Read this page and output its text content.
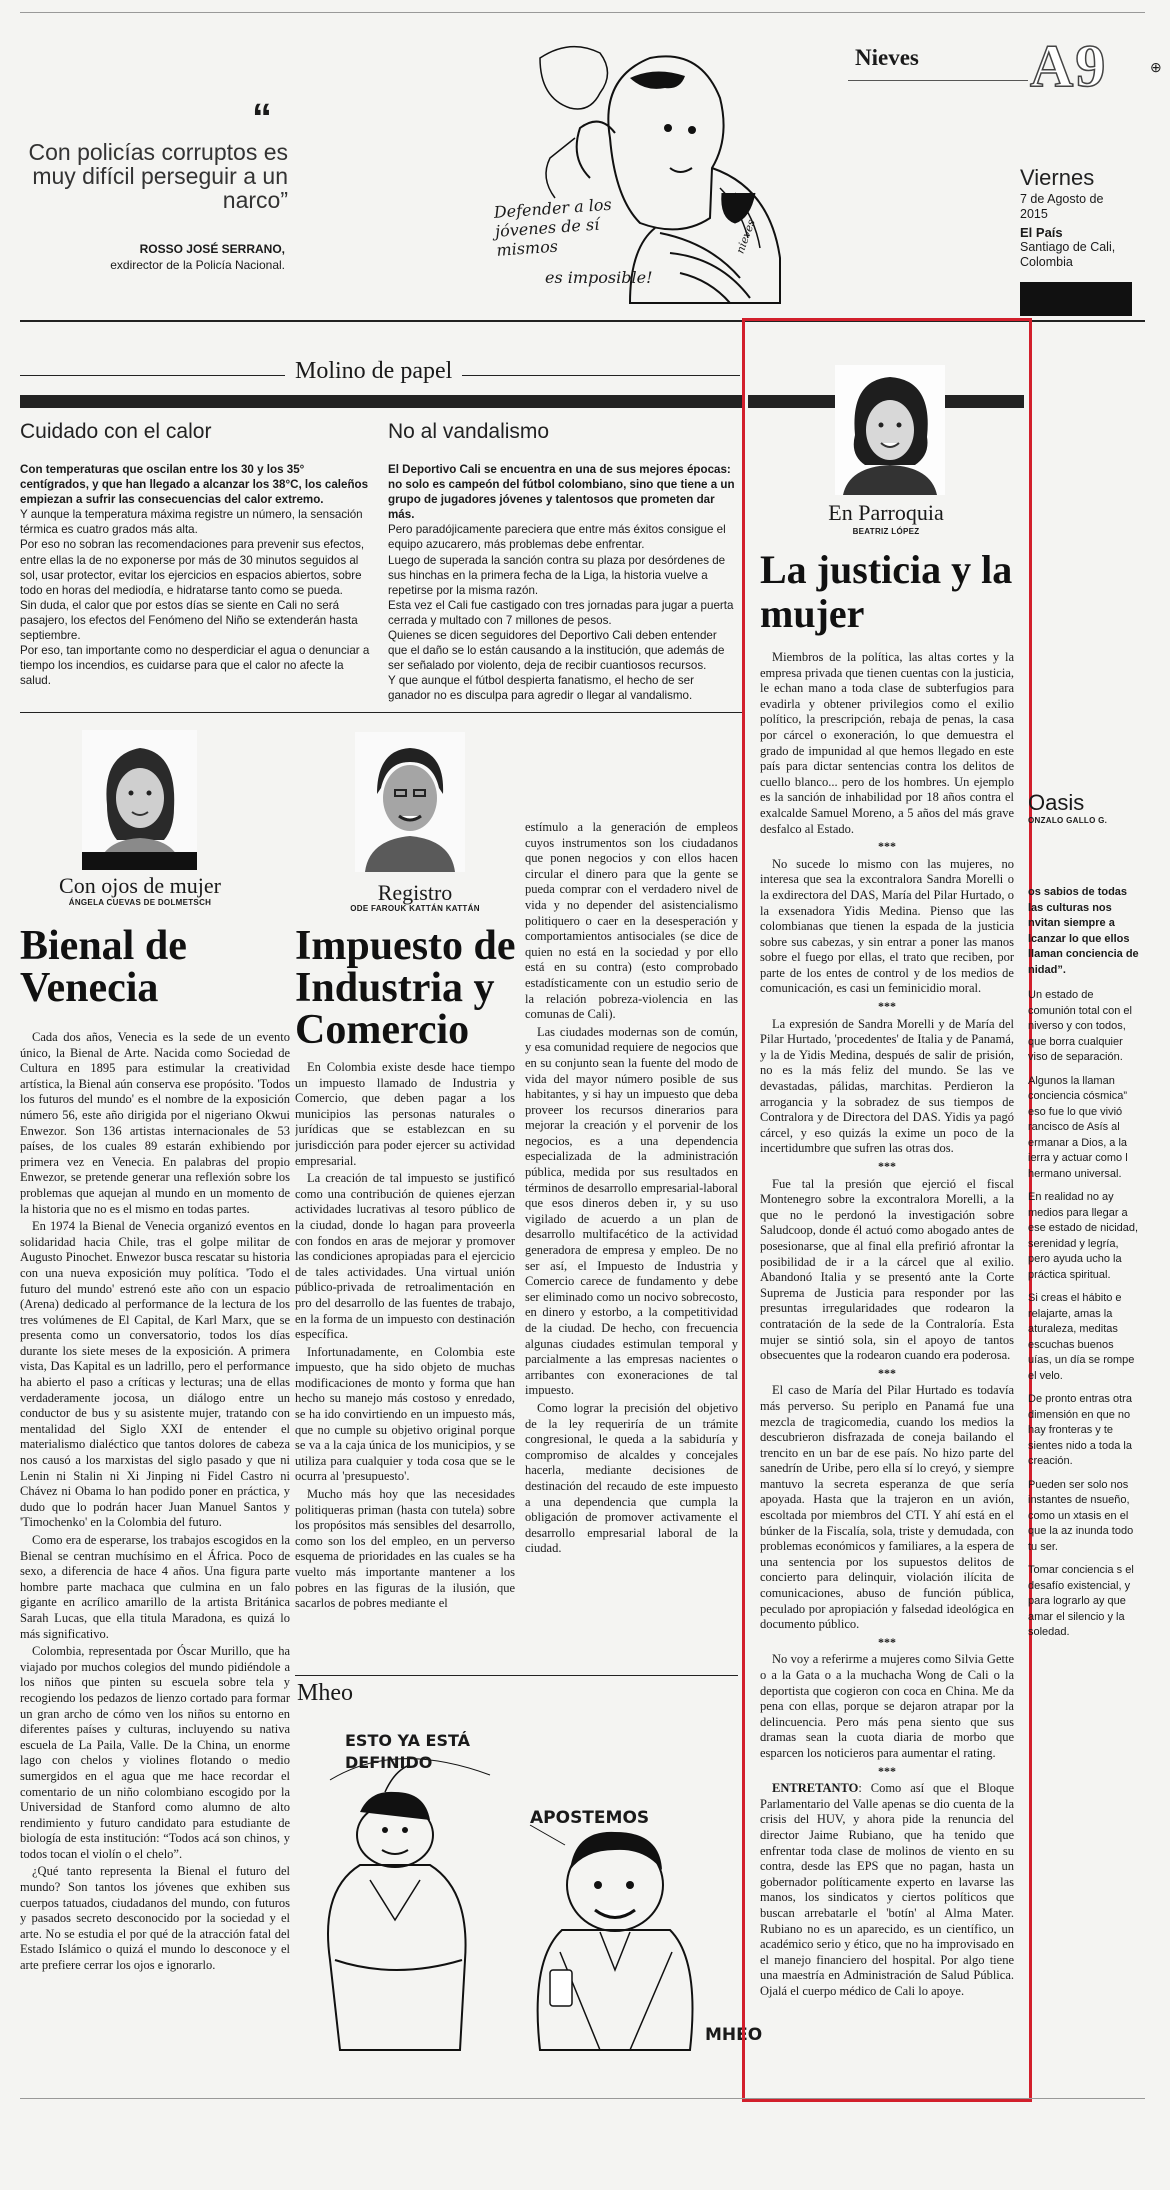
“
Con policías corruptos es muy difícil perseguir a un narco”
ROSSO JOSÉ SERRANO,
exdirector de la Policía Nacional.
Defender a los jóvenes de sí mismos
es imposible!
nieves
Nieves A9	⊕
Viernes
7 de Agosto de 2015
El País
Santiago de Cali, Colombia
Molino de papel
Cuidado con el calor

Con temperaturas que oscilan entre los 30 y los 35° centígrados, y que han llegado a alcanzar los 38°C, los caleños empiezan a sufrir las consecuencias del calor extremo.

Y aunque la temperatura máxima registre un número, la sensación térmica es cuatro grados más alta.

Por eso no sobran las recomendaciones para prevenir sus efectos, entre ellas la de no exponerse por más de 30 minutos seguidos al sol, usar protector, evitar los ejercicios en espacios abiertos, sobre todo en horas del mediodía, e hidratarse tanto como se pueda.

Sin duda, el calor que por estos días se siente en Cali no será pasajero, los efectos del Fenómeno del Niño se extenderán hasta septiembre.

Por eso, tan importante como no desperdiciar el agua o denunciar a tiempo los incendios, es cuidarse para que el calor no afecte la salud.

No al vandalismo

El Deportivo Cali se encuentra en una de sus mejores épocas: no solo es campeón del fútbol colombiano, sino que tiene a un grupo de jugadores jóvenes y talentosos que prometen dar más.

Pero paradójicamente pareciera que entre más éxitos consigue el equipo azucarero, más problemas debe enfrentar.

Luego de superada la sanción contra su plaza por desórdenes de sus hinchas en la primera fecha de la Liga, la historia vuelve a repetirse por la misma razón.

Esta vez el Cali fue castigado con tres jornadas para jugar a puerta cerrada y multado con 7 millones de pesos.

Quienes se dicen seguidores del Deportivo Cali deben entender que el daño se lo están causando a la institución, que además de ser señalado por violento, deja de recibir cuantiosos recursos.

Y que aunque el fútbol despierta fanatismo, el hecho de ser ganador no es disculpa para agredir o llegar al vandalismo.

Con ojos de mujer
ÁNGELA CUEVAS DE DOLMETSCH
Bienal de Venecia

Cada dos años, Venecia es la sede de un evento único, la Bienal de Arte. Nacida como Sociedad de Cultura en 1895 para estimular la creatividad artística, la Bienal aún conserva ese propósito. 'Todos los futuros del mundo' es el nombre de la exposición número 56, este año dirigida por el nigeriano Okwui Enwezor. Son 136 artistas internacionales de 53 países, de los cuales 89 estarán exhibiendo por primera vez en Venecia. En palabras del propio Enwezor, se pretende generar una reflexión sobre los problemas que aquejan al mundo en un momento de la historia que no es el mismo en todas partes.

En 1974 la Bienal de Venecia organizó eventos en solidaridad hacia Chile, tras el golpe militar de Augusto Pinochet. Enwezor busca rescatar su historia con una nueva exposición muy política. 'Todo el futuro del mundo' estrenó este año con un espacio (Arena) dedicado al performance de la lectura de los tres volúmenes de El Capital, de Karl Marx, que se presenta como un conversatorio, todos los días durante los siete meses de la exposición. A primera vista, Das Kapital es un ladrillo, pero el performance ha abierto el paso a críticas y lecturas; una de ellas verdaderamente jocosa, un diálogo entre un conductor de bus y su asistente mujer, tratando con mentalidad del Siglo XXI de entender el materialismo dialéctico que tantos dolores de cabeza nos causó a los marxistas del siglo pasado y que ni Lenin ni Stalin ni Xi Jinping ni Fidel Castro ni Chávez ni Obama lo han podido poner en práctica, y dudo que lo podrán hacer Juan Manuel Santos y 'Timochenko' en la Colombia del futuro.

Como era de esperarse, los trabajos escogidos en la Bienal se centran muchísimo en el África. Poco de sexo, a diferencia de hace 4 años. Una figura parte hombre parte machaca que culmina en un falo gigante en acrílico amarillo de la artista Británica Sarah Lucas, que ella titula Maradona, es quizá lo más significativo.

Colombia, representada por Óscar Murillo, que ha viajado por muchos colegios del mundo pidiéndole a los niños que pinten su escuela sobre tela y recogiendo los pedazos de lienzo cortado para formar un gran archo de cómo ven los niños su entorno en diferentes países y culturas, incluyendo su nativa escuela de La Paila, Valle. De la China, un enorme lago con chelos y violines flotando o medio sumergidos en el agua que me hace recordar el comentario de un niño colombiano escogido por la Universidad de Stanford como alumno de alto rendimiento y futuro candidato para estudiante de biología de esta institución: “Todos acá son chinos, y todos tocan el violín o el chelo”.

¿Qué tanto representa la Bienal el futuro del mundo? Son tantos los jóvenes que exhiben sus cuerpos tatuados, ciudadanos del mundo, con futuros y pasados secreto desconocido por la sociedad y el arte. No se estudia el por qué de la atracción fatal del Estado Islámico o quizá el mundo lo desconoce y el arte prefiere cerrar los ojos e ignorarlo.

Registro
ODE FAROUK KATTÁN KATTÁN
Impuesto de Industria y Comercio

En Colombia existe desde hace tiempo un impuesto llamado de Industria y Comercio, que deben pagar a los municipios las personas naturales o jurídicas que se establezcan en su jurisdicción para poder ejercer su actividad empresarial.

La creación de tal impuesto se justificó como una contribución de quienes ejerzan actividades lucrativas al tesoro público de la ciudad, donde lo hagan para proveerla con fondos en aras de mejorar y promover las condiciones apropiadas para el ejercicio de tales actividades. Una virtual unión público-privada de retroalimentación en pro del desarrollo de las fuentes de trabajo, en la forma de un impuesto con destinación específica.

Infortunadamente, en Colombia este impuesto, que ha sido objeto de muchas modificaciones de monto y forma que han hecho su manejo más costoso y enredado, se ha ido convirtiendo en un impuesto más, que no cumple su objetivo original porque se va a la caja única de los municipios, y se utiliza para cualquier y toda cosa que se le ocurra al 'presupuesto'.

Mucho más hoy que las necesidades politiqueras priman (hasta con tutela) sobre los propósitos más sensibles del desarrollo, como son los del empleo, en un perverso esquema de prioridades en las cuales se ha vuelto más importante mantener a los pobres en las figuras de la ilusión, que sacarlos de pobres mediante el

estímulo a la generación de empleos cuyos instrumentos son los ciudadanos que ponen negocios y con ellos hacen circular el dinero para que la gente se pueda comprar con el verdadero nivel de vida y no depender del asistencialismo politiquero o caer en la desesperación y comportamientos antisociales (se dice de quien no está en la sociedad y por ello está en su contra) (esto comprobado estadísticamente con un estudio serio de la relación pobreza-violencia en las comunas de Cali).

Las ciudades modernas son de común, y esa comunidad requiere de negocios que en su conjunto sean la fuente del modo de vida del mayor número posible de sus habitantes, y si hay un impuesto que deba proveer los recursos dinerarios para mejorar la creación y el porvenir de los negocios, es a una dependencia especializada de la administración pública, medida por sus resultados en términos de desarrollo empresarial-laboral que esos dineros deben ir, y su uso vigilado de acuerdo a un plan de desarrollo multifacético de la actividad generadora de empresa y empleo. De no ser así, el Impuesto de Industria y Comercio carece de fundamento y debe ser eliminado como un nocivo sobrecosto, en dinero y estorbo, a la competitividad de la ciudad. De hecho, con frecuencia algunas ciudades estimulan temporal y parcialmente a las empresas nacientes o arribantes con exoneraciones de tal impuesto.

Como lograr la precisión del objetivo de la ley requeriría de un trámite congresional, le queda a la sabiduría y compromiso de alcaldes y concejales hacerla, mediante decisiones de destinación del recaudo de este impuesto a una dependencia que cumpla la obligación de promover activamente el desarrollo empresarial laboral de la ciudad.

Mheo
ESTO YA ESTÁ DEFINIDO
APOSTEMOS
MHEO
En Parroquia
BEATRIZ LÓPEZ
La justicia y la mujer

Miembros de la política, las altas cortes y la empresa privada que tienen cuentas con la justicia, le echan mano a toda clase de subterfugios para evadirla y obtener privilegios como el exilio político, la prescripción, rebaja de penas, la casa por cárcel o exoneración, lo que demuestra el grado de impunidad al que hemos llegado en este país para dictar sentencias contra los delitos de cuello blanco... pero de los hombres. Un ejemplo es la sanción de inhabilidad por 18 años contra el exalcalde Samuel Moreno, a 5 años del más grave desfalco al Estado.

***

No sucede lo mismo con las mujeres, no interesa que sea la excontralora Sandra Morelli o la exdirectora del DAS, María del Pilar Hurtado, o la exsenadora Yidis Medina. Pienso que las colombianas que tienen la espada de la justicia sobre sus cabezas, y sin entrar a poner las manos sobre el fuego por ellas, el trato que reciben, por parte de los entes de control y de los medios de comunicación, es casi un feminicidio moral.

***

La expresión de Sandra Morelli y de María del Pilar Hurtado, 'procedentes' de Italia y de Panamá, y la de Yidis Medina, después de salir de prisión, no es la más feliz del mundo. Se las ve devastadas, pálidas, marchitas. Perdieron la arrogancia y la sobradez de sus tiempos de Contralora y de Directora del DAS. Yidis ya pagó cárcel, y eso quizás la exime un poco de la incertidumbre que sufren las otras dos.

***

Fue tal la presión que ejerció el fiscal Montenegro sobre la excontralora Morelli, a la que no le perdonó la investigación sobre Saludcoop, donde él actuó como abogado antes de posesionarse, que al final ella prefirió afrontar la posibilidad de ir a la cárcel que al exilio. Abandonó Italia y se presentó ante la Corte Suprema de Justicia para responder por las presuntas irregularidades que rodearon la contratación de la sede de la Contraloría. Esta mujer se sintió sola, sin el apoyo de tantos obsecuentes que la rodearon cuando era poderosa.

***

El caso de María del Pilar Hurtado es todavía más perverso. Su periplo en Panamá fue una mezcla de tragicomedia, cuando los medios la descubrieron disfrazada de coneja bailando el trencito en un bar de ese país. No hizo parte del sanedrín de Uribe, pero ella sí lo creyó, y siempre mantuvo la secreta esperanza de que sería apoyada. Hasta que la trajeron en un avión, escoltada por miembros del CTI. Y ahí está en el búnker de la Fiscalía, sola, triste y demudada, con problemas económicos y familiares, a la espera de una sentencia por los supuestos delitos de concierto para delinquir, violación ilícita de comunicaciones, abuso de función pública, peculado por apropiación y falsedad ideológica en documento público.

***

No voy a referirme a mujeres como Silvia Gette o a la Gata o a la muchacha Wong de Cali o la deportista que cogieron con coca en China. Me da pena con ellas, porque se dejaron atrapar por la delincuencia. Pero más pena siento que sus dramas sean la cuota diaria de morbo que esparcen los noticieros para aumentar el rating.

***

ENTRETANTO: Como así que el Bloque Parlamentario del Valle apenas se dio cuenta de la crisis del HUV, y ahora pide la renuncia del director Jaime Rubiano, que ha tenido que enfrentar toda clase de molinos de viento en su contra, desde las EPS que no pagan, hasta un gobernador políticamente experto en lavarse las manos, los sindicatos y ciertos políticos que buscan arrebatarle el 'botín' al Alma Mater. Rubiano no es un aparecido, es un científico, un académico serio y ético, que no ha improvisado en el manejo financiero del hospital. Por algo tiene una maestría en Administración de Salud Pública. Ojalá el cuerpo médico de Cali lo apoye.

Oasis
ONZALO GALLO G.

os sabios de todas las culturas nos nvitan siempre a lcanzar lo que ellos llaman conciencia de nidad”.

Un estado de comunión total con el niverso y con todos, que borra cualquier viso de separación.

Algunos la llaman conciencia cósmica” eso fue lo que vivió rancisco de Asís al ermanar a Dios, a la ierra y actuar como l hermano universal.

En realidad no ay medios para llegar a ese estado de nicidad, serenidad y legría, pero ayuda ucho la práctica spiritual.

Si creas el hábito e relajarte, amas la aturaleza, meditas escuchas buenos uías, un día se rompe el velo.

De pronto entras otra dimensión en que no hay fronteras y te sientes nido a toda la creación.

Pueden ser solo nos instantes de nsueño, como un xtasis en el que la az inunda todo tu ser.

Tomar conciencia s el desafío existencial, y para lograrlo ay que amar el silencio y la soledad.
